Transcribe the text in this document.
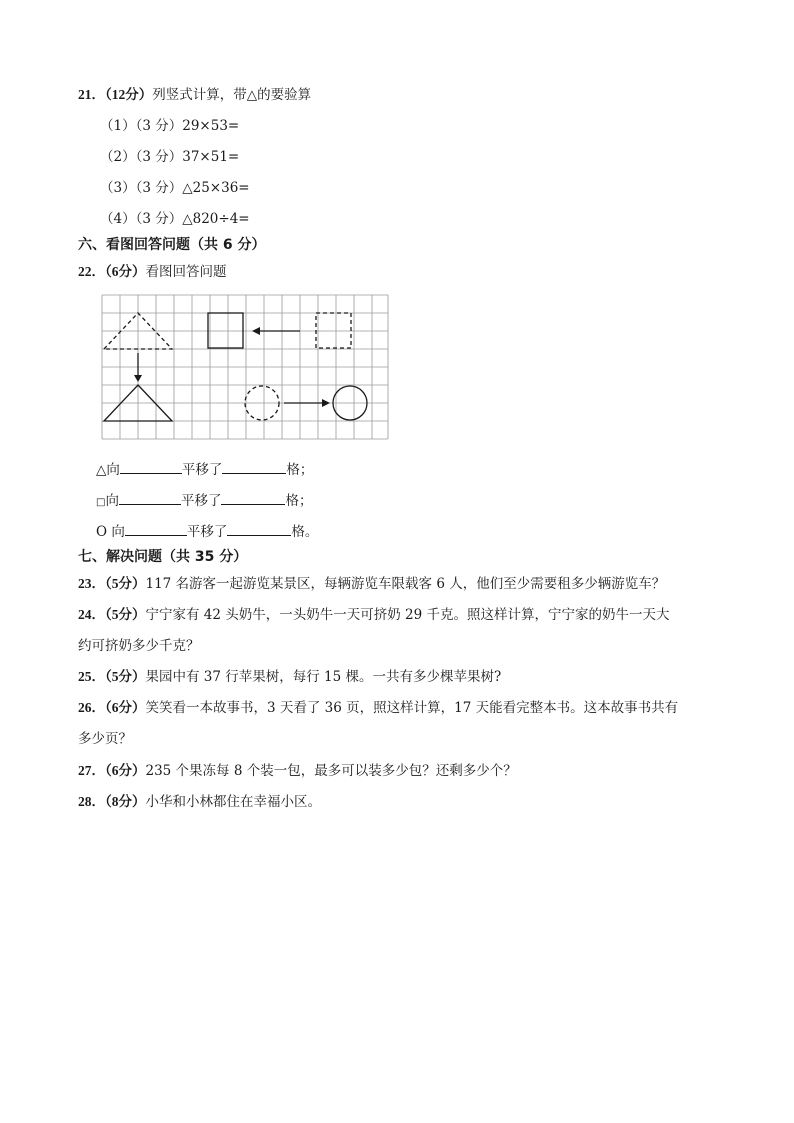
21．（12分）列竖式计算，带△的要验算
（1）（3 分）29×53=
（2）（3 分）37×51=
（3）（3 分）△25×36=
（4）（3 分）△820÷4=
六、看图回答问题（共 6 分）
22．（6分）看图回答问题
△向	平移了	格；
□向	平移了	格；
O 向	平移了	格。
七、解决问题（共 35 分）
23．（5分）117 名游客一起游览某景区，每辆游览车限载客 6 人，他们至少需要租多少辆游览车？
24．（5分）宁宁家有 42 头奶牛，一头奶牛一天可挤奶 29 千克。照这样计算，宁宁家的奶牛一天大
约可挤奶多少千克？
25．（5分）果园中有 37 行苹果树，每行 15 棵。一共有多少棵苹果树?
26．（6分）笑笑看一本故事书，3 天看了 36 页，照这样计算，17 天能看完整本书。这本故事书共有
多少页？
27．（6分）235 个果冻每 8 个装一包，最多可以装多少包？还剩多少个？
28．（8分）小华和小林都住在幸福小区。
